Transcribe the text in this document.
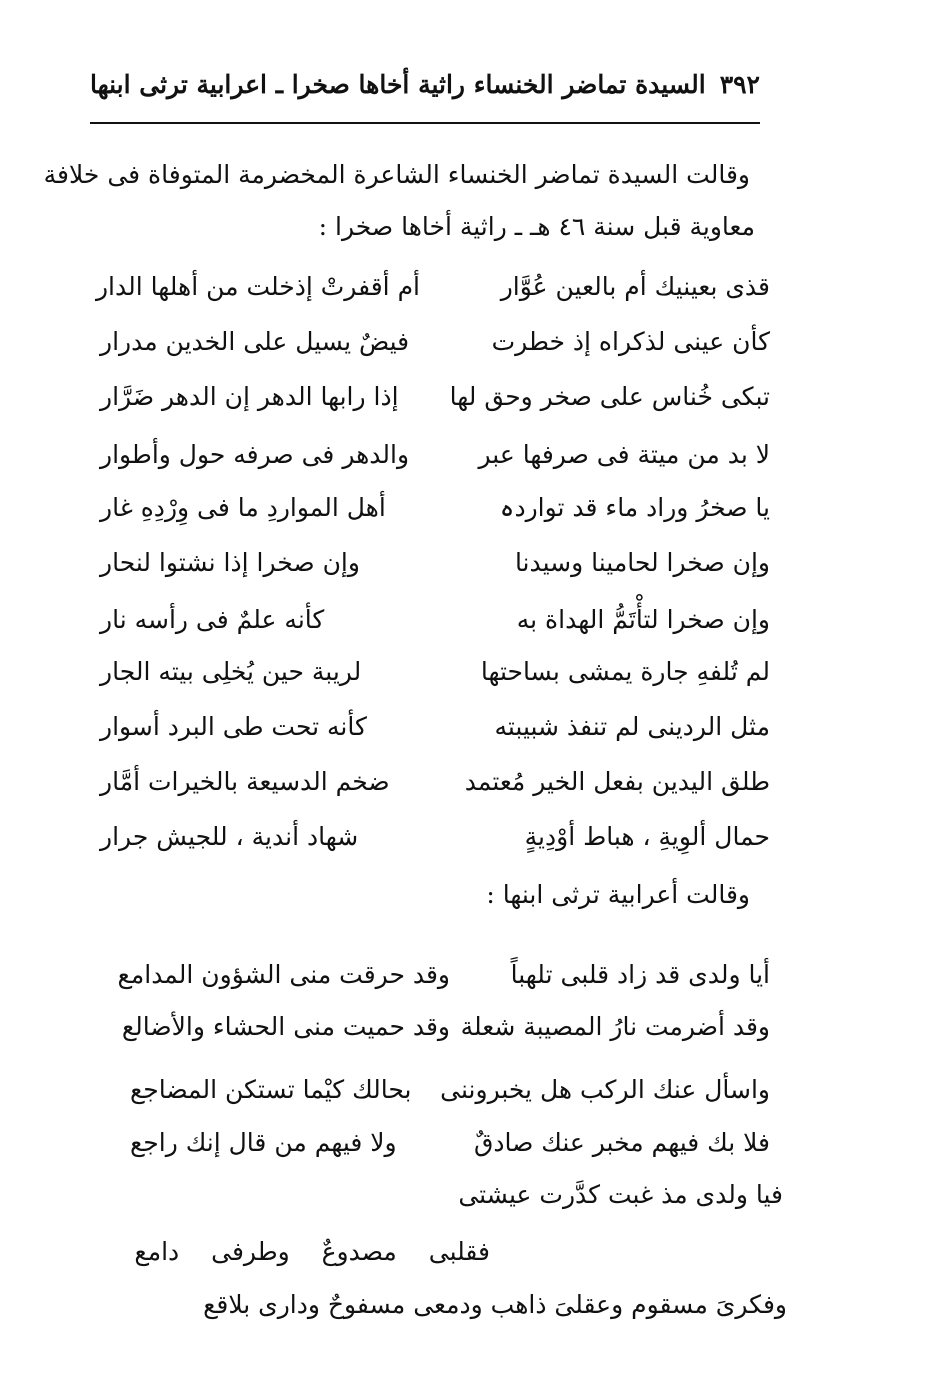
٣٩٢
السيدة تماضر الخنساء راثية أخاها صخرا ـ اعرابية ترثى ابنها
وقالت السيدة تماضر الخنساء الشاعرة المخضرمة المتوفاة فى خلافة
معاوية قبل سنة ٤٦ هـ ـ راثية أخاها صخرا :
قذى بعينيك أم بالعين عُوَّار
أم أقفرتْ إذخلت من أهلها الدار
كأن عينى لذكراه إذ خطرت
فيضٌ يسيل على الخدين مدرار
تبكى خُناس على صخر وحق لها
إذا رابها الدهر إن الدهر ضَرَّار
لا بد من ميتة فى صرفها عبر
والدهر فى صرفه حول وأطوار
يا صخرُ وراد ماء قد تواردہ
أهل المواردِ ما فى وِرْدِهِ غار
وإن صخرا لحامينا وسيدنا
وإن صخرا إذا نشتوا لنحار
وإن صخرا لتأْتَمُّ الهداة به
كأنه علمٌ فى رأسه نار
لم تُلفهِ جارة يمشى بساحتها
لريبة حين يُخلِى بيته الجار
مثل الردينى لم تنفذ شبيبته
كأنه تحت طى البرد أسوار
طلق اليدين بفعل الخير مُعتمد
ضخم الدسيعة بالخيرات أمَّار
حمال ألوِيةِ ، هباط أوْدِيةٍ
شهاد أندية ، للجيش جرار
وقالت أعرابية ترثى ابنها :
أيا ولدى قد زاد قلبى تلهباً
وقد حرقت منى الشؤون المدامع
وقد أضرمت نارُ المصيبة شعلة
وقد حميت منى الحشاء والأضالع
واسأل عنك الركب هل يخبروننى
بحالك كيْما تستكن المضاجع
فلا بك فيهم مخبر عنك صادقٌ
ولا فيهم من قال إنك راجع
فيا ولدى مذ غبت كدَّرت عيشتى
فقلبى مصدوعٌ وطرفى دامع
وفكرىَ مسقوم وعقلىَ ذاهب ودمعى مسفوحٌ ودارى بلاقع
